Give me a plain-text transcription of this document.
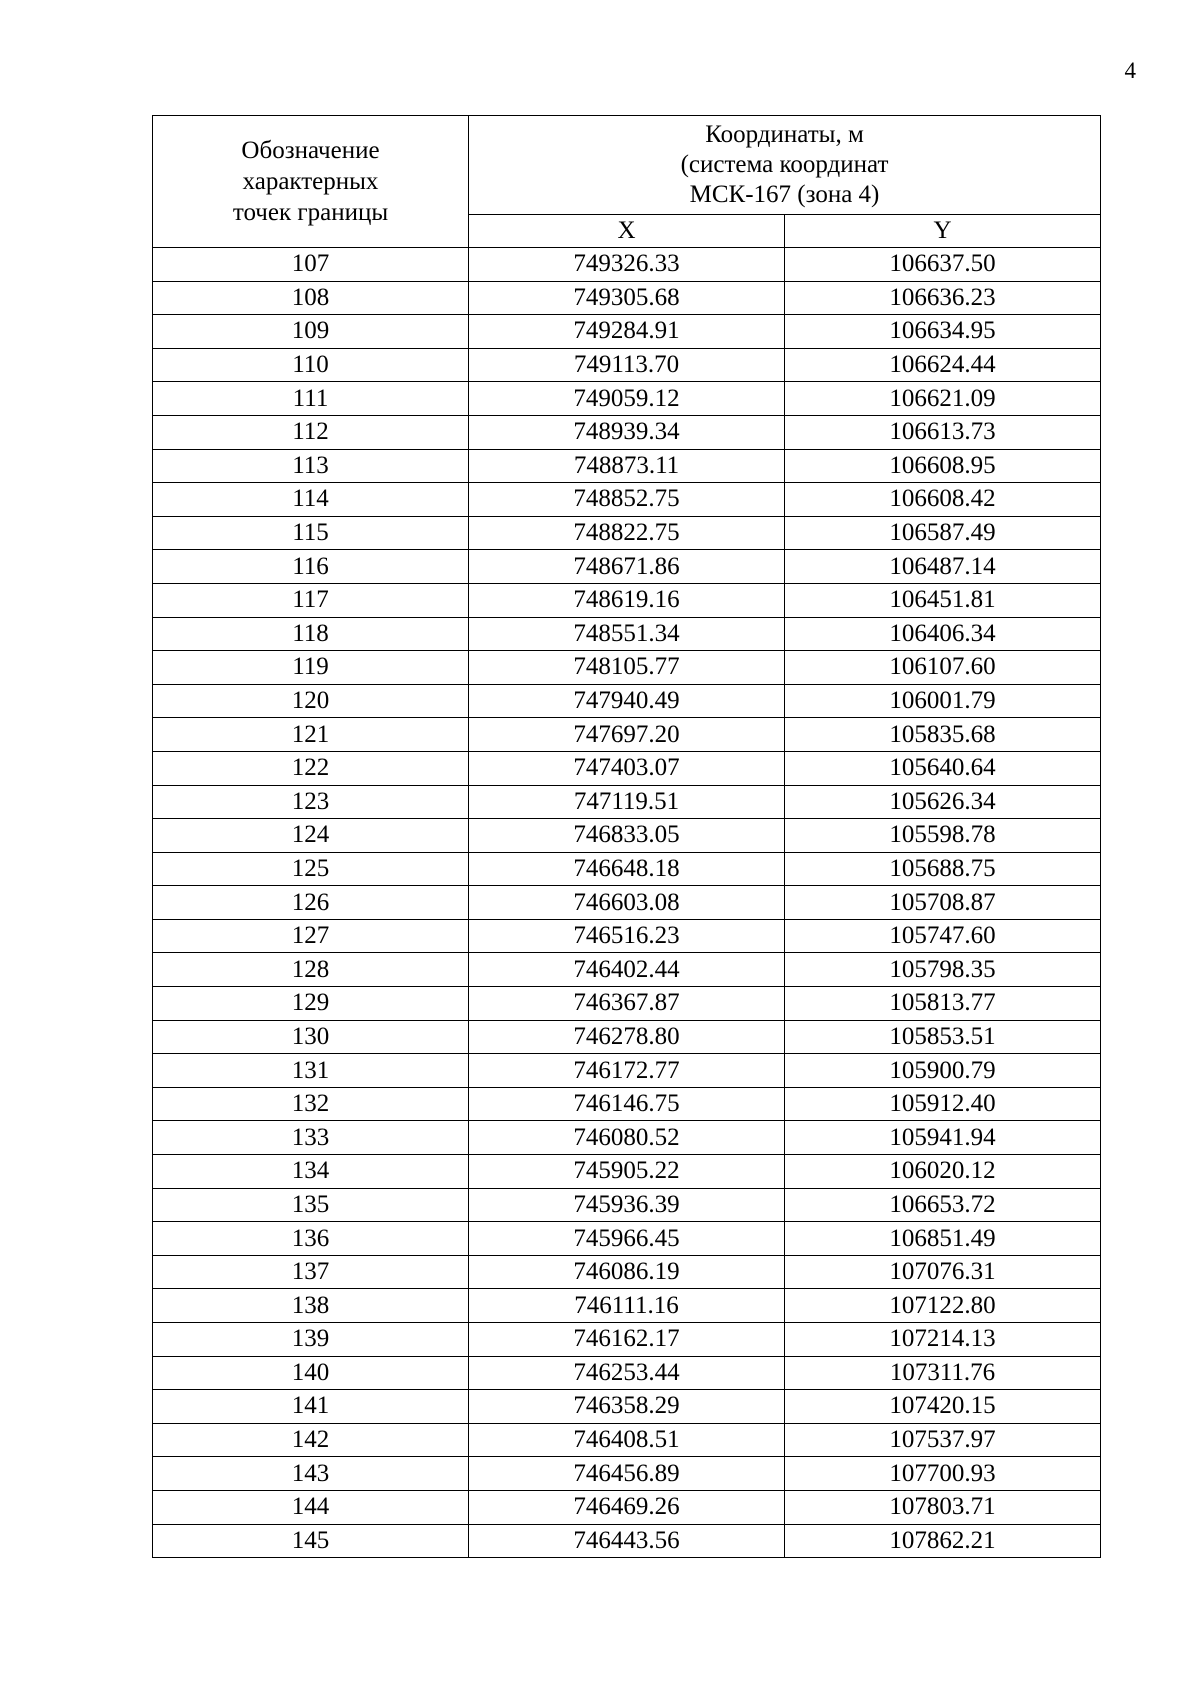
4
Обозначение
характерных
точек границы	Координаты, м
(система координат
МСК-167 (зона 4)	
	X	Y
107	749326.33	106637.50
108	749305.68	106636.23
109	749284.91	106634.95
110	749113.70	106624.44
111	749059.12	106621.09
112	748939.34	106613.73
113	748873.11	106608.95
114	748852.75	106608.42
115	748822.75	106587.49
116	748671.86	106487.14
117	748619.16	106451.81
118	748551.34	106406.34
119	748105.77	106107.60
120	747940.49	106001.79
121	747697.20	105835.68
122	747403.07	105640.64
123	747119.51	105626.34
124	746833.05	105598.78
125	746648.18	105688.75
126	746603.08	105708.87
127	746516.23	105747.60
128	746402.44	105798.35
129	746367.87	105813.77
130	746278.80	105853.51
131	746172.77	105900.79
132	746146.75	105912.40
133	746080.52	105941.94
134	745905.22	106020.12
135	745936.39	106653.72
136	745966.45	106851.49
137	746086.19	107076.31
138	746111.16	107122.80
139	746162.17	107214.13
140	746253.44	107311.76
141	746358.29	107420.15
142	746408.51	107537.97
143	746456.89	107700.93
144	746469.26	107803.71
145	746443.56	107862.21
